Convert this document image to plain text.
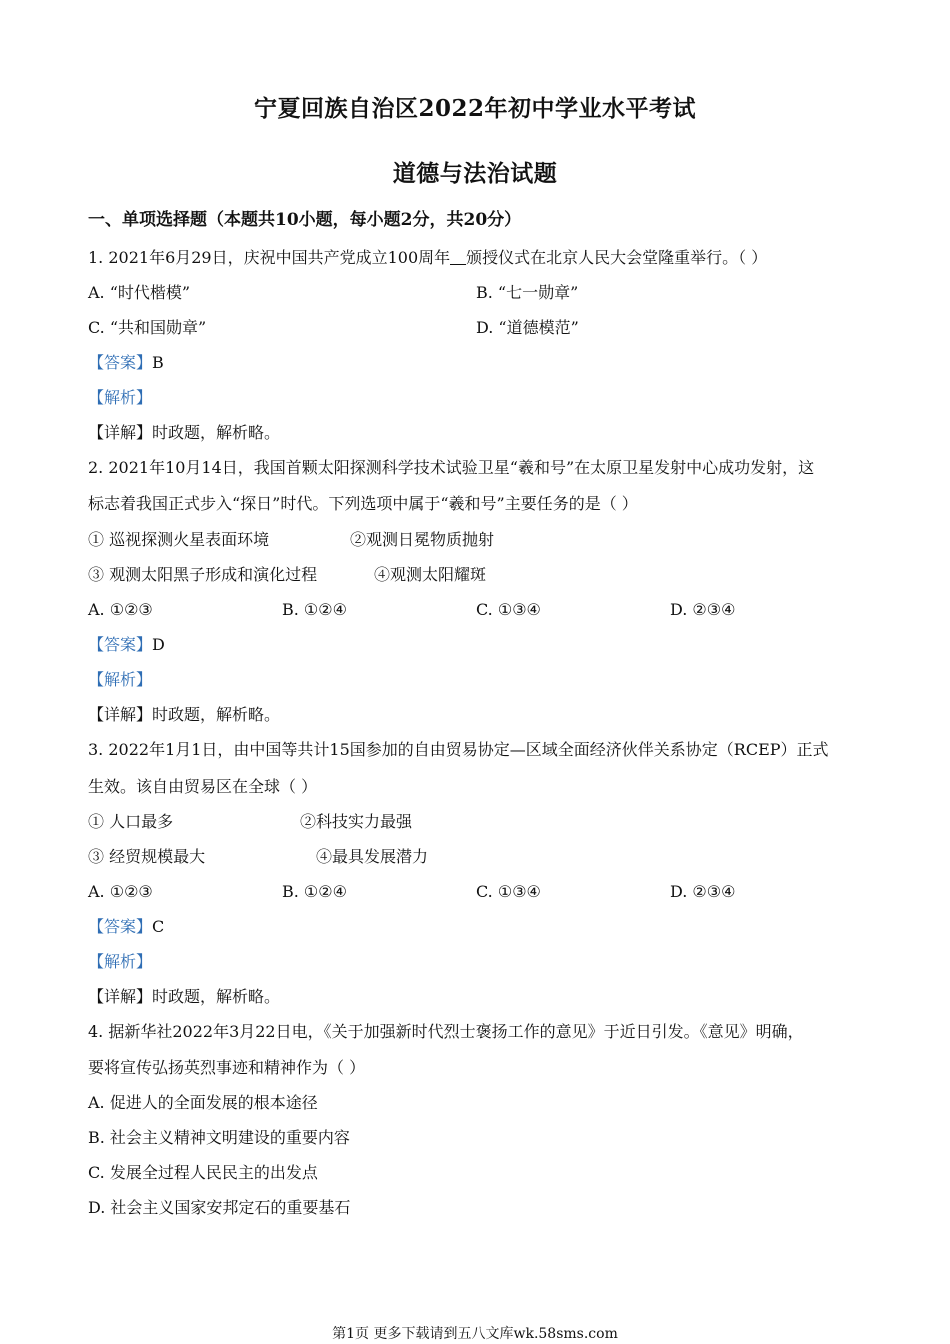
宁夏回族自治区2022年初中学业水平考试
道德与法治试题
一、单项选择题（本题共10小题，每小题2分，共20分）
1. 2021年6月29日，庆祝中国共产党成立100周年 颁授仪式在北京人民大会堂隆重举行。（ ）
A. “时代楷模”	B. “七一勋章”
C. “共和国勋章”	D. “道德模范”
【答案】B
【解析】
【详解】时政题，解析略。
2. 2021年10月14日，我国首颗太阳探测科学技术试验卫星“羲和号”在太原卫星发射中心成功发射，这
标志着我国正式步入“探日”时代。下列选项中属于“羲和号”主要任务的是（ ）
① 巡视探测火星表面环境	②观测日冕物质抛射
③ 观测太阳黑子形成和演化过程	④观测太阳耀斑
A. ①②③	B. ①②④	C. ①③④	D. ②③④
【答案】D
【解析】
【详解】时政题，解析略。
3. 2022年1月1日，由中国等共计15国参加的自由贸易协定—区域全面经济伙伴关系协定（RCEP）正式
生效。该自由贸易区在全球（ ）
① 人口最多	②科技实力最强
③ 经贸规模最大	④最具发展潜力
A. ①②③	B. ①②④	C. ①③④	D. ②③④
【答案】C
【解析】
【详解】时政题，解析略。
4. 据新华社2022年3月22日电，《关于加强新时代烈士褒扬工作的意见》于近日引发。《意见》明确，
要将宣传弘扬英烈事迹和精神作为（ ）
A. 促进人的全面发展的根本途径
B. 社会主义精神文明建设的重要内容
C. 发展全过程人民民主的出发点
D. 社会主义国家安邦定石的重要基石
第1页 更多下载请到五八文库wk.58sms.com
